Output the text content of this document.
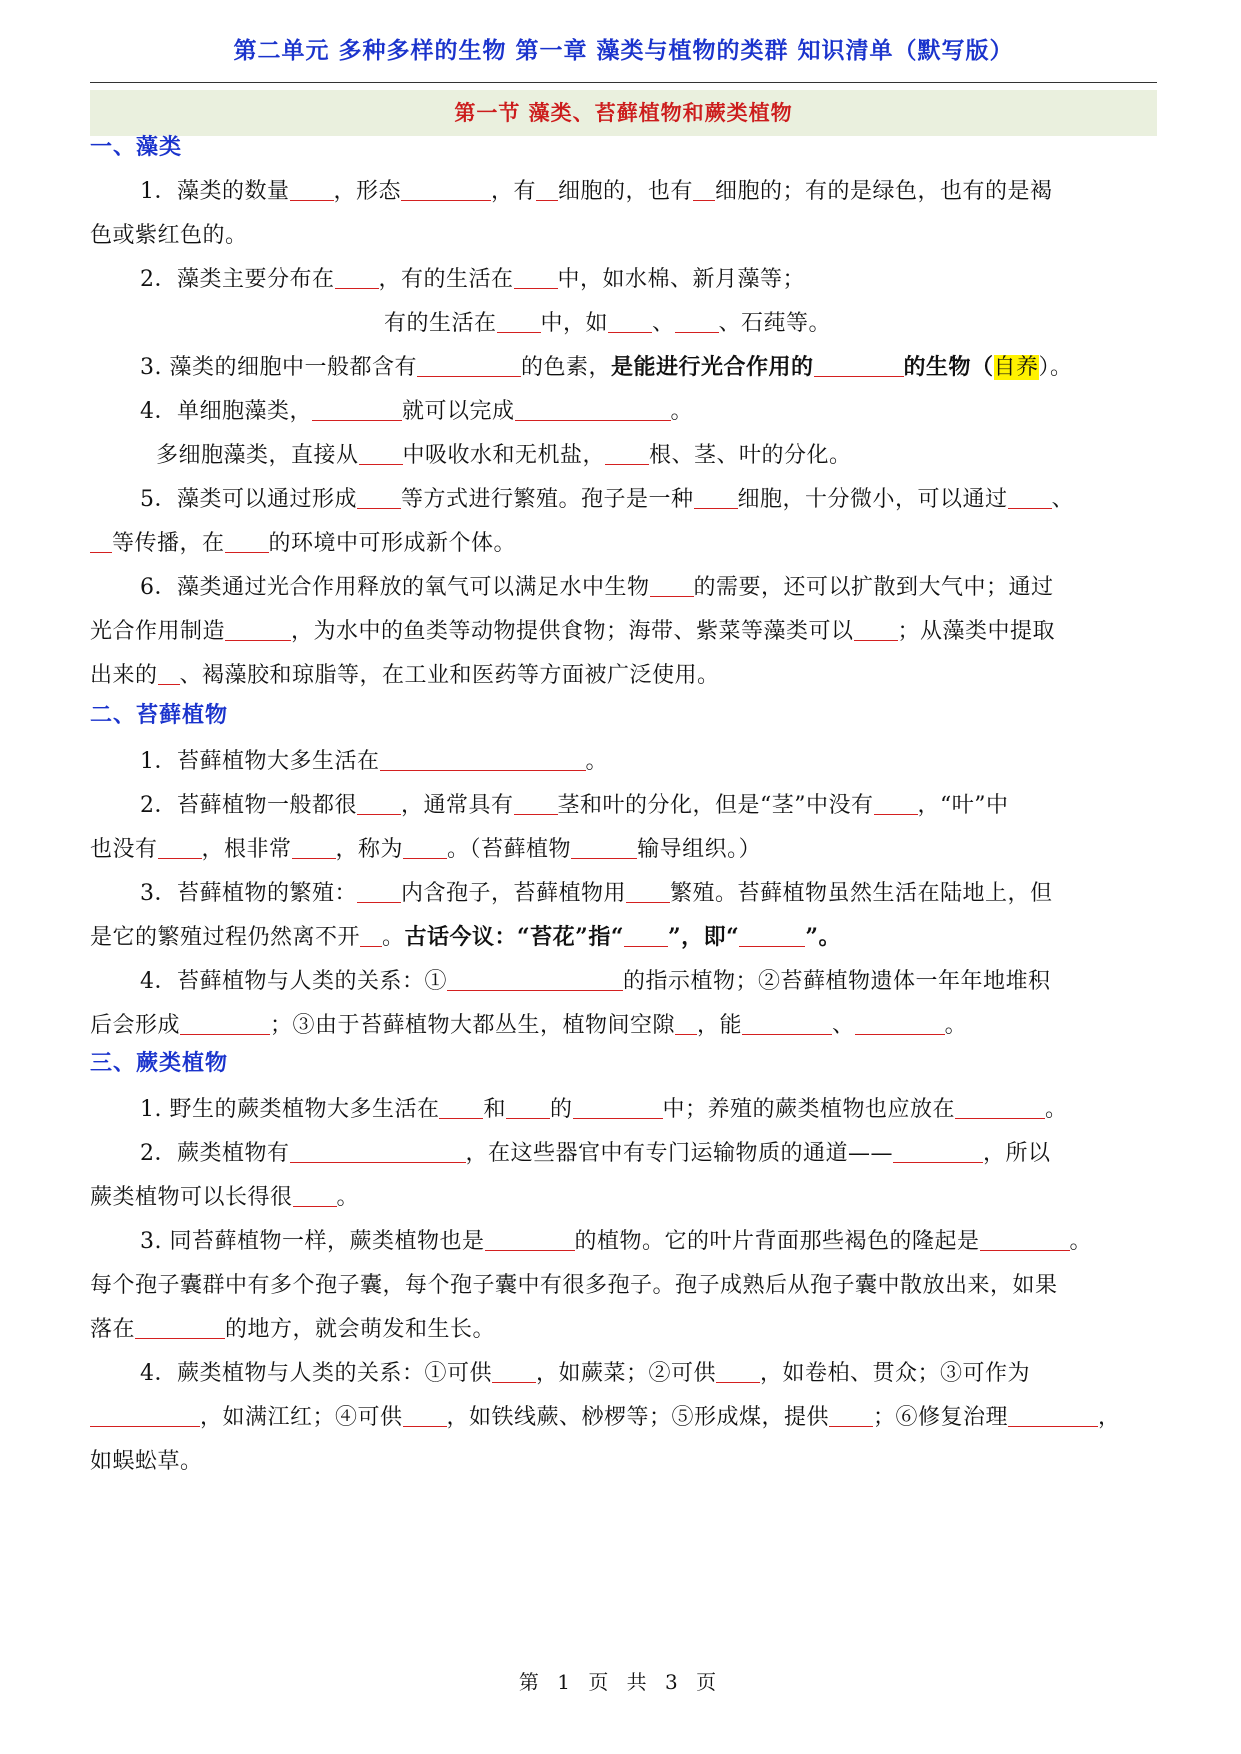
第二单元 多种多样的生物 第一章 藻类与植物的类群 知识清单（默写版）
第一节 藻类、苔藓植物和蕨类植物
一、藻类
1．藻类的数量 ，形态	，有 细胞的，也有 细胞的；有的是绿色，也有的是褐
色或紫红色的。
2．藻类主要分布在 ，有的生活在 中，如水棉、新月藻等；
有的生活在 中，如 、 、石莼等。
3. 藻类的细胞中一般都含有	的色素，是能进行光合作用的	的生物（自养）。
4．单细胞藻类，	就可以完成	。
多细胞藻类，直接从 中吸收水和无机盐， 根、茎、叶的分化。
5．藻类可以通过形成 等方式进行繁殖。孢子是一种 细胞，十分微小，可以通过 、
等传播，在 的环境中可形成新个体。
6．藻类通过光合作用释放的氧气可以满足水中生物 的需要，还可以扩散到大气中；通过
光合作用制造	，为水中的鱼类等动物提供食物；海带、紫菜等藻类可以 ；从藻类中提取
出来的 、褐藻胶和琼脂等，在工业和医药等方面被广泛使用。
二、苔藓植物
1．苔藓植物大多生活在	。
2．苔藓植物一般都很 ，通常具有 茎和叶的分化，但是“茎”中没有 ，“叶”中
也没有 ，根非常 ，称为 。（苔藓植物	输导组织。）
3．苔藓植物的繁殖： 内含孢子，苔藓植物用 繁殖。苔藓植物虽然生活在陆地上，但
是它的繁殖过程仍然离不开 。古话今议：“苔花”指“ ”，即“	”。
4．苔藓植物与人类的关系：①	的指示植物；②苔藓植物遗体一年年地堆积
后会形成	；③由于苔藓植物大都丛生，植物间空隙 ，能	、	。
三、蕨类植物
1. 野生的蕨类植物大多生活在 和 的	中；养殖的蕨类植物也应放在	。
2．蕨类植物有	，在这些器官中有专门运输物质的通道——	，所以
蕨类植物可以长得很 。
3. 同苔藓植物一样，蕨类植物也是	的植物。它的叶片背面那些褐色的隆起是	。
每个孢子囊群中有多个孢子囊，每个孢子囊中有很多孢子。孢子成熟后从孢子囊中散放出来，如果
落在	的地方，就会萌发和生长。
4．蕨类植物与人类的关系：①可供 ，如蕨菜；②可供 ，如卷柏、贯众；③可作为
，如满江红；④可供 ，如铁线蕨、桫椤等；⑤形成煤，提供 ；⑥修复治理	，
如蜈蚣草。
第 1 页 共 3 页
